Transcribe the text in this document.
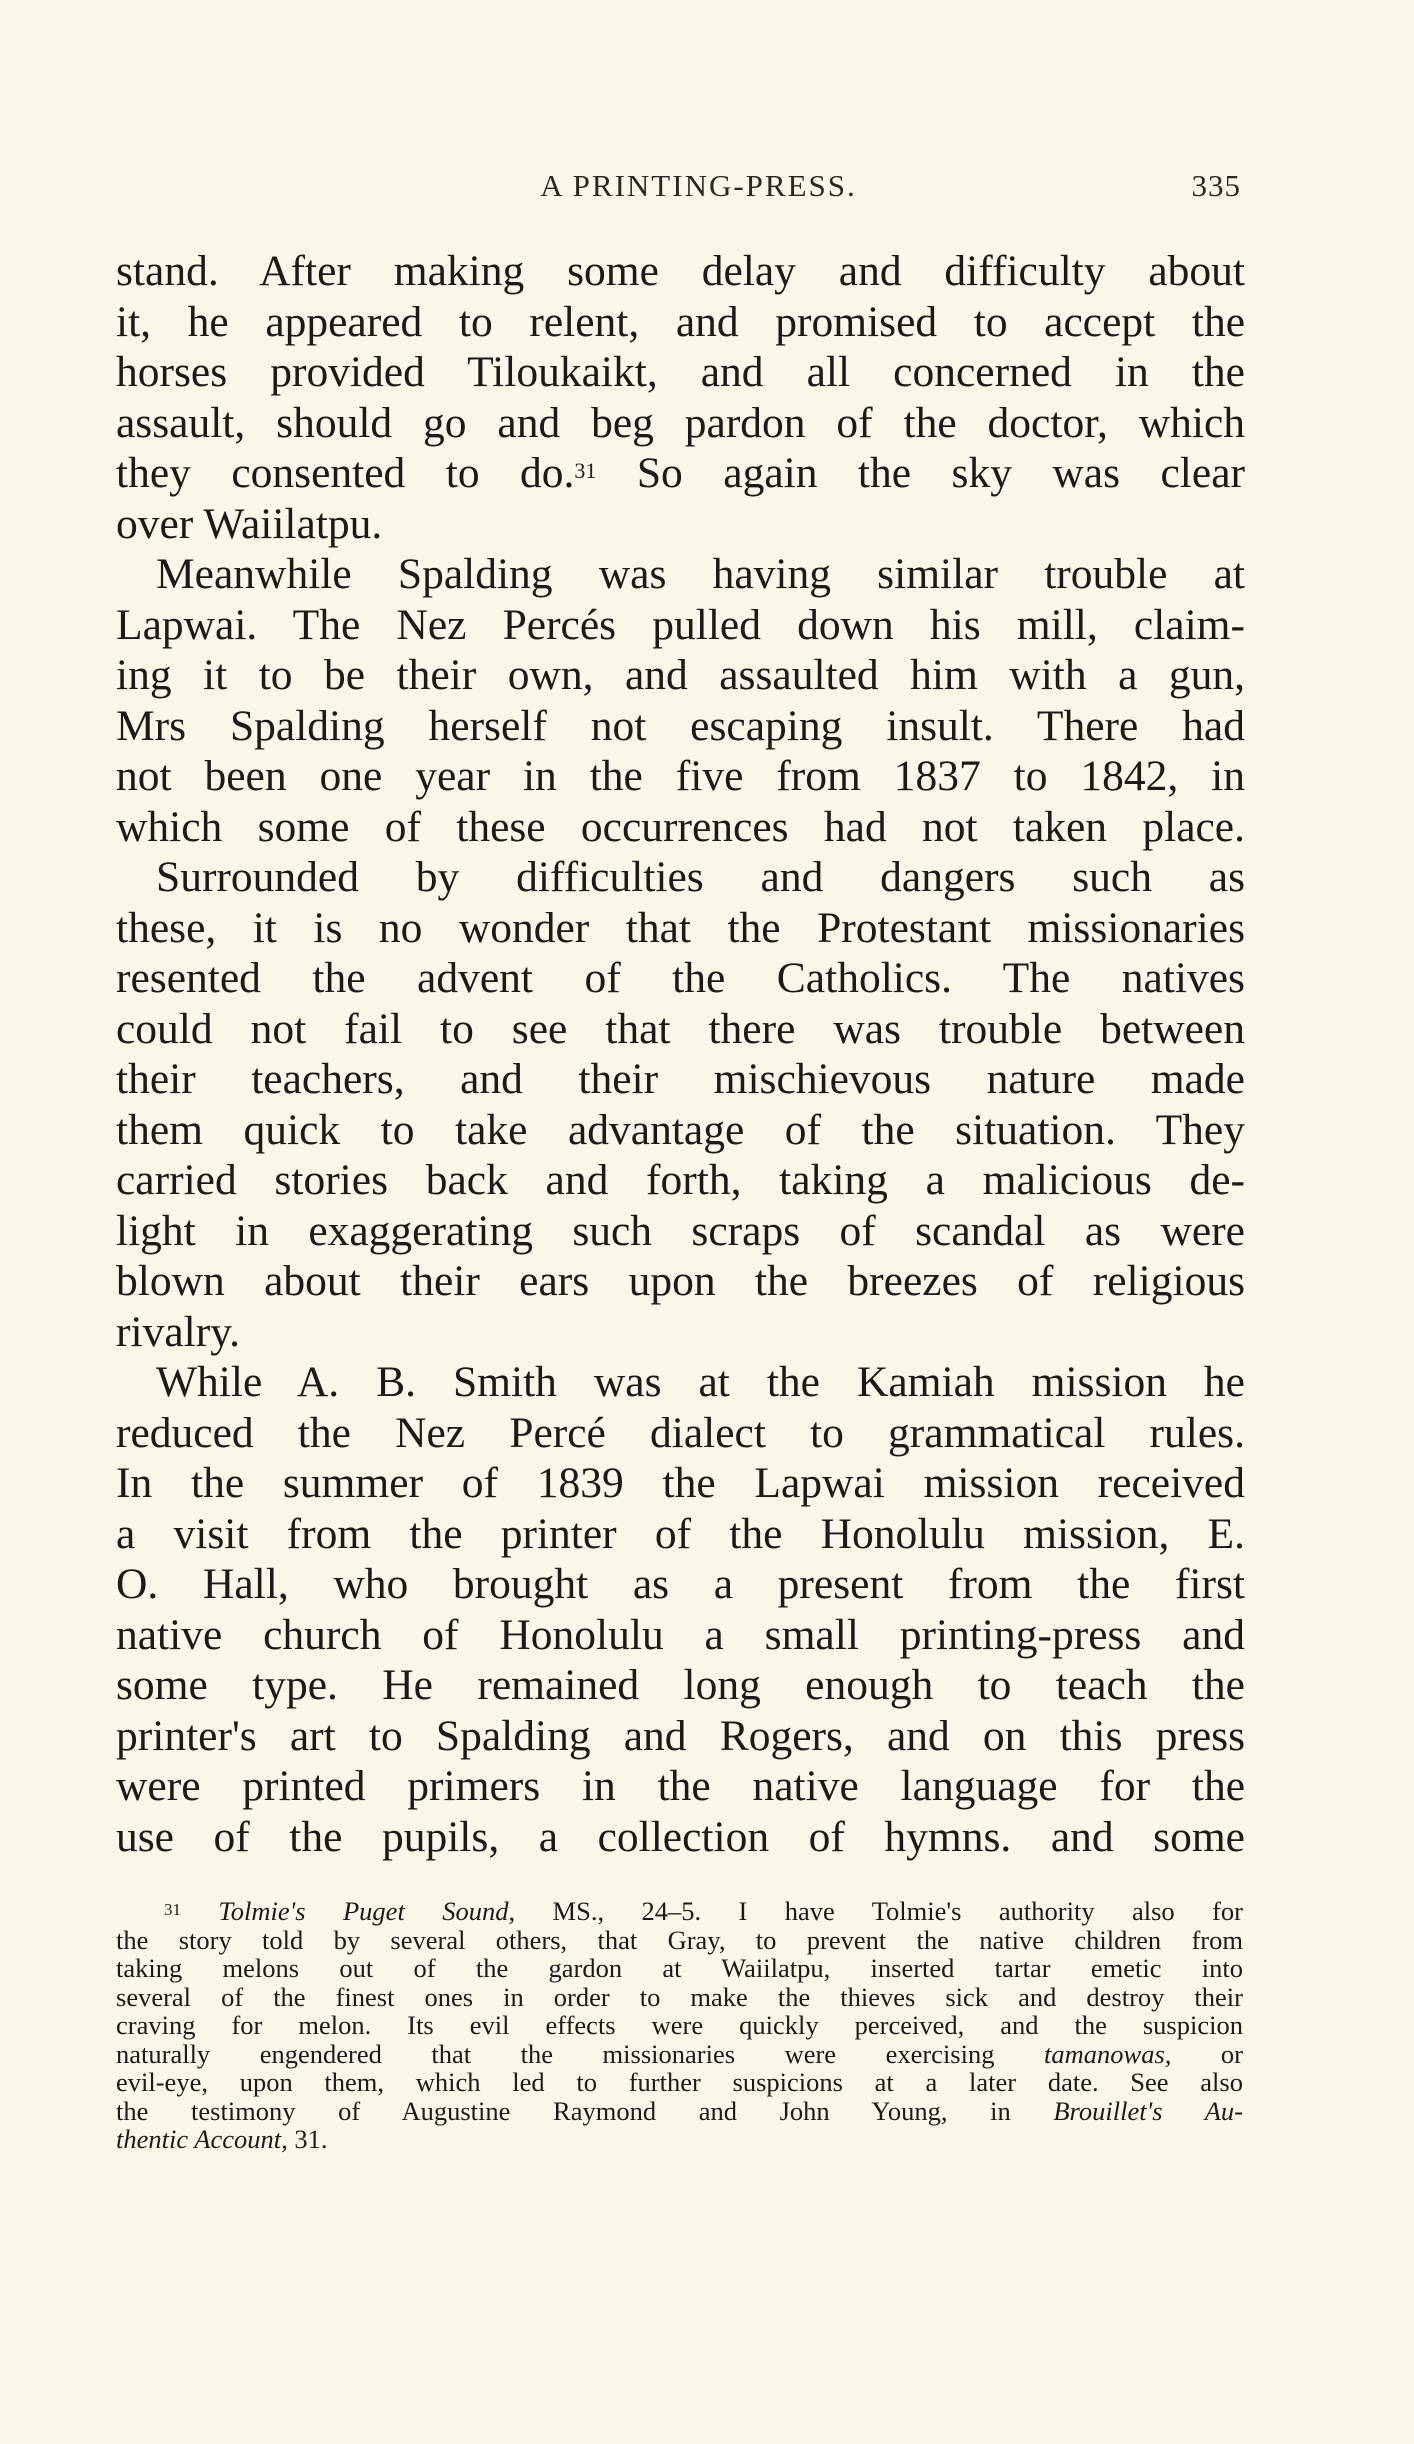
A PRINTING-PRESS.	335
stand. After making some delay and difficulty about
it, he appeared to relent, and promised to accept the
horses provided Tiloukaikt, and all concerned in the
assault, should go and beg pardon of the doctor, which
they consented to do.$^{31}$ So again the sky was clear
over Waiilatpu.
Meanwhile Spalding was having similar trouble at
Lapwai. The Nez Percés pulled down his mill, claim-
ing it to be their own, and assaulted him with a gun,
Mrs Spalding herself not escaping insult. There had
not been one year in the five from 1837 to 1842, in
which some of these occurrences had not taken place.
Surrounded by difficulties and dangers such as
these, it is no wonder that the Protestant missionaries
resented the advent of the Catholics. The natives
could not fail to see that there was trouble between
their teachers, and their mischievous nature made
them quick to take advantage of the situation. They
carried stories back and forth, taking a malicious de-
light in exaggerating such scraps of scandal as were
blown about their ears upon the breezes of religious
rivalry.
While A. B. Smith was at the Kamiah mission he
reduced the Nez Percé dialect to grammatical rules.
In the summer of 1839 the Lapwai mission received
a visit from the printer of the Honolulu mission, E.
O. Hall, who brought as a present from the first
native church of Honolulu a small printing-press and
some type. He remained long enough to teach the
printer's art to Spalding and Rogers, and on this press
were printed primers in the native language for the
use of the pupils, a collection of hymns. and some
$^{31}$ Tolmie's Puget Sound, MS., 24–5. I have Tolmie's authority also for
the story told by several others, that Gray, to prevent the native children from
taking melons out of the gardon at Waiilatpu, inserted tartar emetic into
several of the finest ones in order to make the thieves sick and destroy their
craving for melon. Its evil effects were quickly perceived, and the suspicion
naturally engendered that the missionaries were exercising tamanowas, or
evil-eye, upon them, which led to further suspicions at a later date. See also
the testimony of Augustine Raymond and John Young, in Brouillet's Au-
thentic Account, 31.
